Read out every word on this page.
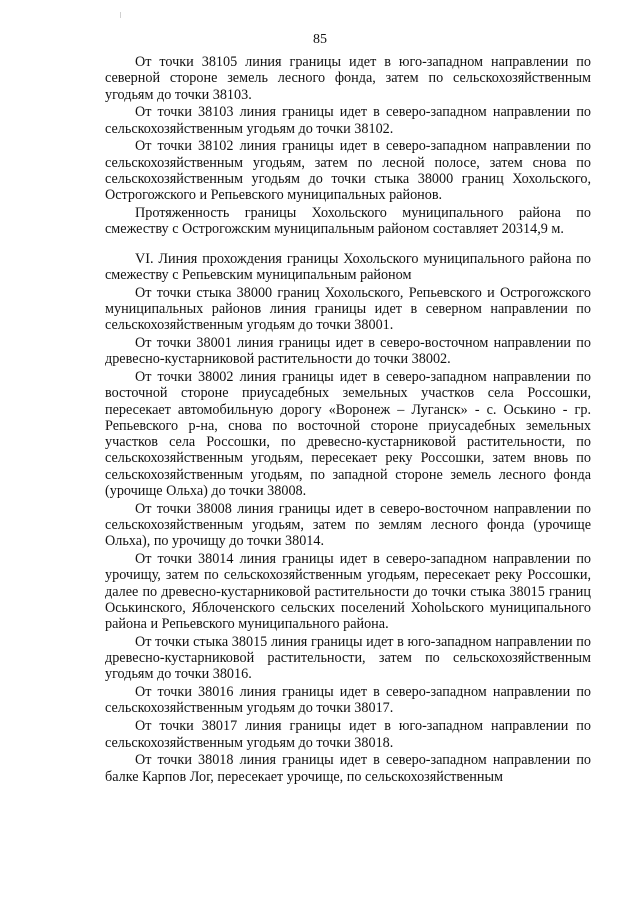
85

От точки 38105 линия границы идет в юго-западном направлении по северной стороне земель лесного фонда, затем по сельскохозяйственным угодьям до точки 38103.

От точки 38103 линия границы идет в северо-западном направлении по сельскохозяйственным угодьям до точки 38102.

От точки 38102 линия границы идет в северо-западном направлении по сельскохозяйственным угодьям, затем по лесной полосе, затем снова по сельскохозяйственным угодьям до точки стыка 38000 границ Хохольского, Острогожского и Репьевского муниципальных районов.

Протяженность границы Хохольского муниципального района по смежеству с Острогожским муниципальным районом составляет 20314,9 м.

VI. Линия прохождения границы Хохольского муниципального района по смежеству с Репьевским муниципальным районом

От точки стыка 38000 границ Хохольского, Репьевского и Острогожского муниципальных районов линия границы идет в северном направлении по сельскохозяйственным угодьям до точки 38001.

От точки 38001 линия границы идет в северо-восточном направлении по древесно-кустарниковой растительности до точки 38002.

От точки 38002 линия границы идет в северо-западном направлении по восточной стороне приусадебных земельных участков села Россошки, пересекает автомобильную дорогу «Воронеж – Луганск» - с. Оськино - гр. Репьевского р-на, снова по восточной стороне приусадебных земельных участков села Россошки, по древесно-кустарниковой растительности, по сельскохозяйственным угодьям, пересекает реку Россошки, затем вновь по сельскохозяйственным угодьям, по западной стороне земель лесного фонда (урочище Ольха) до точки 38008.

От точки 38008 линия границы идет в северо-восточном направлении по сельскохозяйственным угодьям, затем по землям лесного фонда (урочище Ольха), по урочищу до точки 38014.

От точки 38014 линия границы идет в северо-западном направлении по урочищу, затем по сельскохозяйственным угодьям, пересекает реку Россошки, далее по древесно-кустарниковой растительности до точки стыка 38015 границ Оськинского, Яблоченского сельских поселений Хоholьского муниципального района и Репьевского муниципального района.

От точки стыка 38015 линия границы идет в юго-западном направлении по древесно-кустарниковой растительности, затем по сельскохозяйственным угодьям до точки 38016.

От точки 38016 линия границы идет в северо-западном направлении по сельскохозяйственным угодьям до точки 38017.

От точки 38017 линия границы идет в юго-западном направлении по сельскохозяйственным угодьям до точки 38018.

От точки 38018 линия границы идет в северо-западном направлении по балке Карпов Лог, пересекает урочище, по сельскохозяйственным
